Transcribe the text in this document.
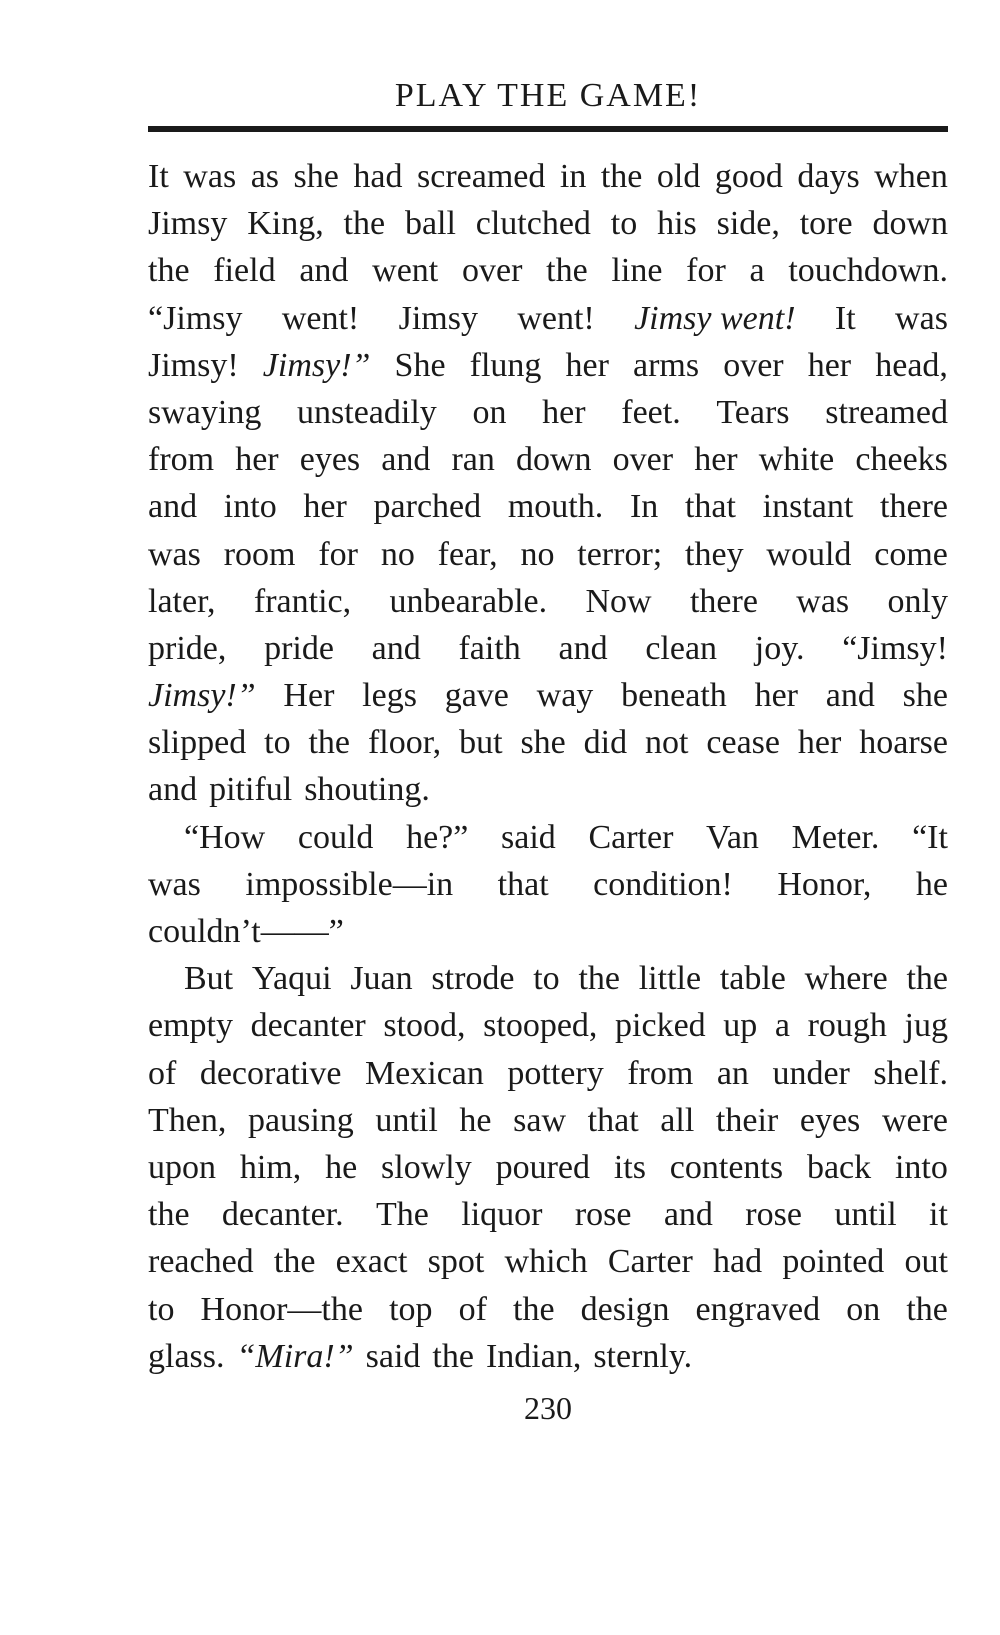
PLAY THE GAME!
It was as she had screamed in the old good days when
Jimsy King, the ball clutched to his side, tore down
the field and went over the line for a touchdown.
“Jimsy went! Jimsy went! Jimsy went! It was
Jimsy! Jimsy!” She flung her arms over her head,
swaying unsteadily on her feet. Tears streamed
from her eyes and ran down over her white cheeks
and into her parched mouth. In that instant there
was room for no fear, no terror; they would come
later, frantic, unbearable. Now there was only
pride, pride and faith and clean joy. “Jimsy!
Jimsy!” Her legs gave way beneath her and she
slipped to the floor, but she did not cease her hoarse
and pitiful shouting.
“How could he?” said Carter Van Meter. “It
was impossible—in that condition! Honor, he
couldn’t——”
But Yaqui Juan strode to the little table where the
empty decanter stood, stooped, picked up a rough jug
of decorative Mexican pottery from an under shelf.
Then, pausing until he saw that all their eyes were
upon him, he slowly poured its contents back into
the decanter. The liquor rose and rose until it
reached the exact spot which Carter had pointed out
to Honor—the top of the design engraved on the
glass. “Mira!” said the Indian, sternly.
230
